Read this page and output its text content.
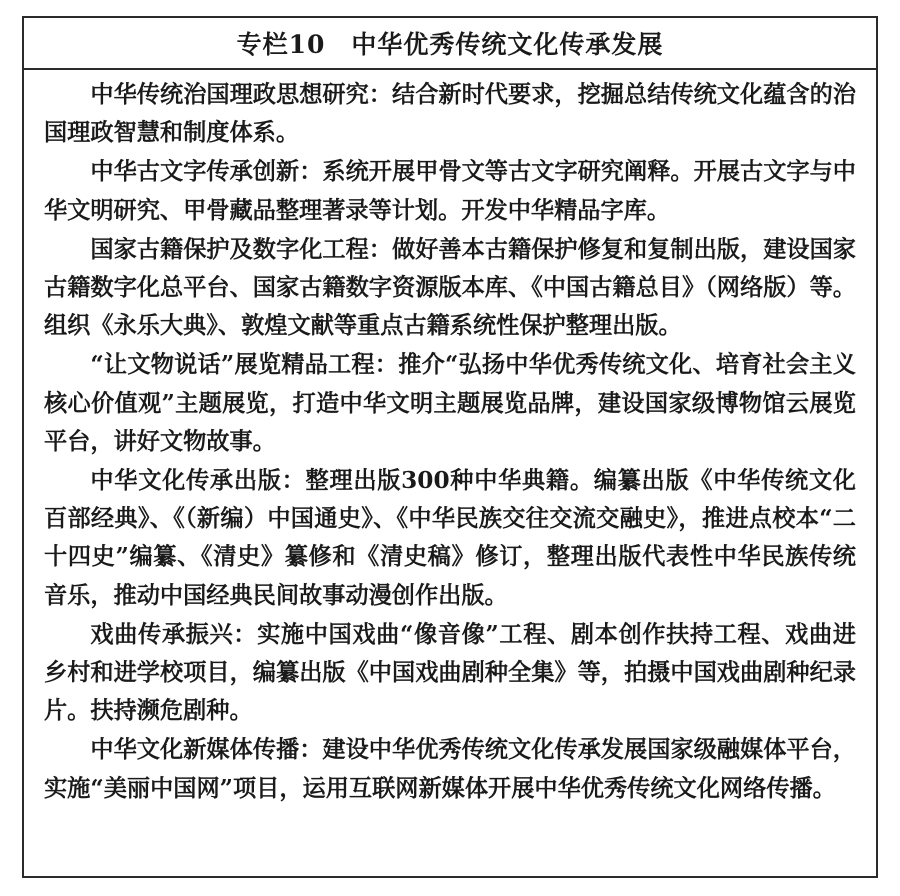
专栏10 中华优秀传统文化传承发展

中华传统治国理政思想研究：结合新时代要求，挖掘总结传统文化蕴含的治国理政智慧和制度体系。

中华古文字传承创新：系统开展甲骨文等古文字研究阐释。开展古文字与中华文明研究、甲骨藏品整理著录等计划。开发中华精品字库。

国家古籍保护及数字化工程：做好善本古籍保护修复和复制出版，建设国家古籍数字化总平台、国家古籍数字资源版本库、《中国古籍总目》（网络版）等。组织《永乐大典》、敦煌文献等重点古籍系统性保护整理出版。

“让文物说话”展览精品工程：推介“弘扬中华优秀传统文化、培育社会主义核心价值观”主题展览，打造中华文明主题展览品牌，建设国家级博物馆云展览平台，讲好文物故事。

中华文化传承出版：整理出版300种中华典籍。编纂出版《中华传统文化百部经典》、《（新编）中国通史》、《中华民族交往交流交融史》，推进点校本“二十四史”编纂、《清史》纂修和《清史稿》修订，整理出版代表性中华民族传统音乐，推动中国经典民间故事动漫创作出版。

戏曲传承振兴：实施中国戏曲“像音像”工程、剧本创作扶持工程、戏曲进乡村和进学校项目，编纂出版《中国戏曲剧种全集》等，拍摄中国戏曲剧种纪录片。扶持濒危剧种。

中华文化新媒体传播：建设中华优秀传统文化传承发展国家级融媒体平台，实施“美丽中国网”项目，运用互联网新媒体开展中华优秀传统文化网络传播。
